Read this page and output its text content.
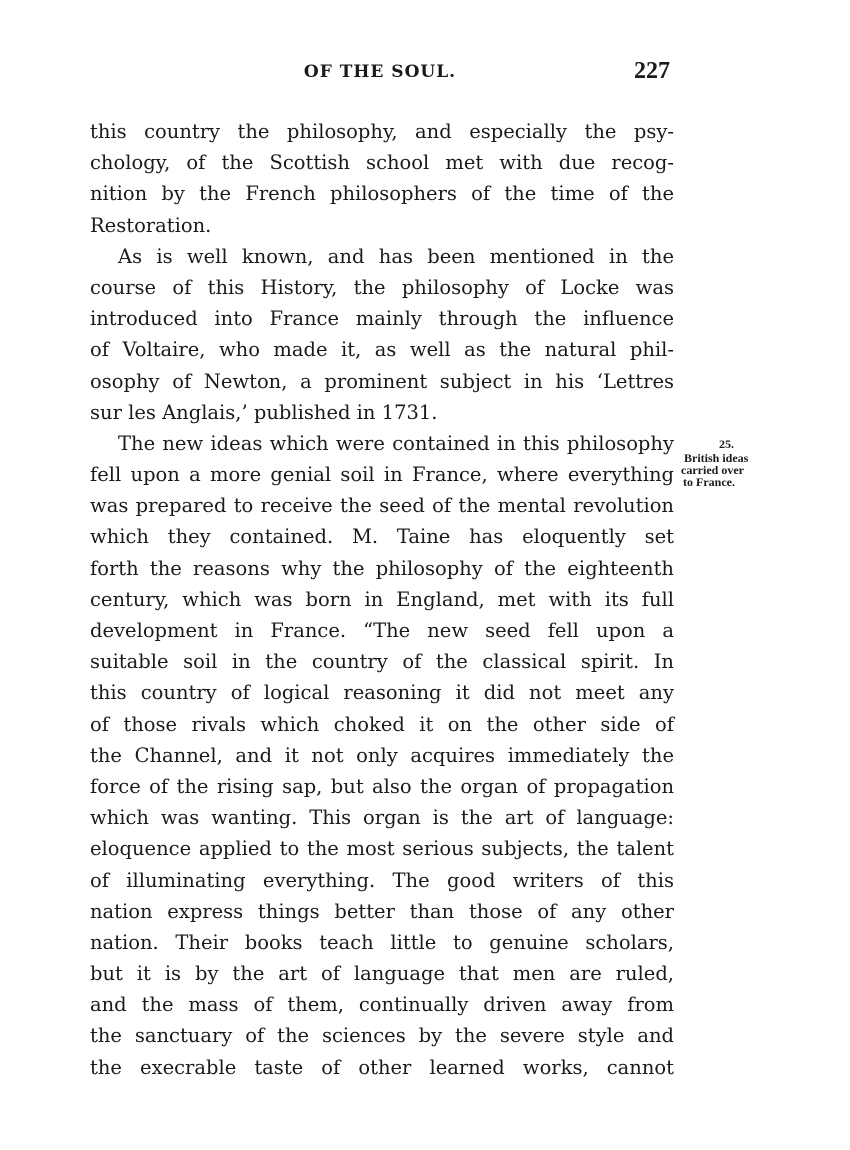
OF THE SOUL.	227
this country the philosophy, and especially the psy-
chology, of the Scottish school met with due recog-
nition by the French philosophers of the time of the
Restoration.
As is well known, and has been mentioned in the
course of this History, the philosophy of Locke was
introduced into France mainly through the influence
of Voltaire, who made it, as well as the natural phil-
osophy of Newton, a prominent subject in his ‘Lettres
sur les Anglais,’ published in 1731.
The new ideas which were contained in this philosophy
fell upon a more genial soil in France, where everything
was prepared to receive the seed of the mental revolution
which they contained. M. Taine has eloquently set
forth the reasons why the philosophy of the eighteenth
century, which was born in England, met with its full
development in France. “The new seed fell upon a
suitable soil in the country of the classical spirit. In
this country of logical reasoning it did not meet any
of those rivals which choked it on the other side of
the Channel, and it not only acquires immediately the
force of the rising sap, but also the organ of propagation
which was wanting. This organ is the art of language:
eloquence applied to the most serious subjects, the talent
of illuminating everything. The good writers of this
nation express things better than those of any other
nation. Their books teach little to genuine scholars,
but it is by the art of language that men are ruled,
and the mass of them, continually driven away from
the sanctuary of the sciences by the severe style and
the execrable taste of other learned works, cannot
25.
British ideas
carried over
to France.
